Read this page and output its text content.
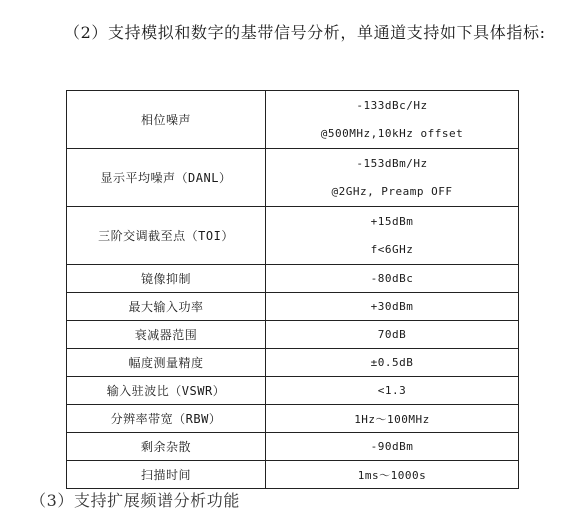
（2）支持模拟和数字的基带信号分析，单通道支持如下具体指标:

相位噪声	-133dBc/Hz
@500MHz,10kHz offset

显示平均噪声（DANL）	-153dBm/Hz
@2GHz, Preamp OFF

三阶交调截至点（TOI）	+15dBm
f<6GHz

镜像抑制	-80dBc
最大输入功率	+30dBm
衰减器范围	70dB
幅度测量精度	±0.5dB
输入驻波比（VSWR）	<1.3
分辨率带宽（RBW）	1Hz～100MHz
剩余杂散	-90dBm
扫描时间	1ms～1000s
（3）支持扩展频谱分析功能
